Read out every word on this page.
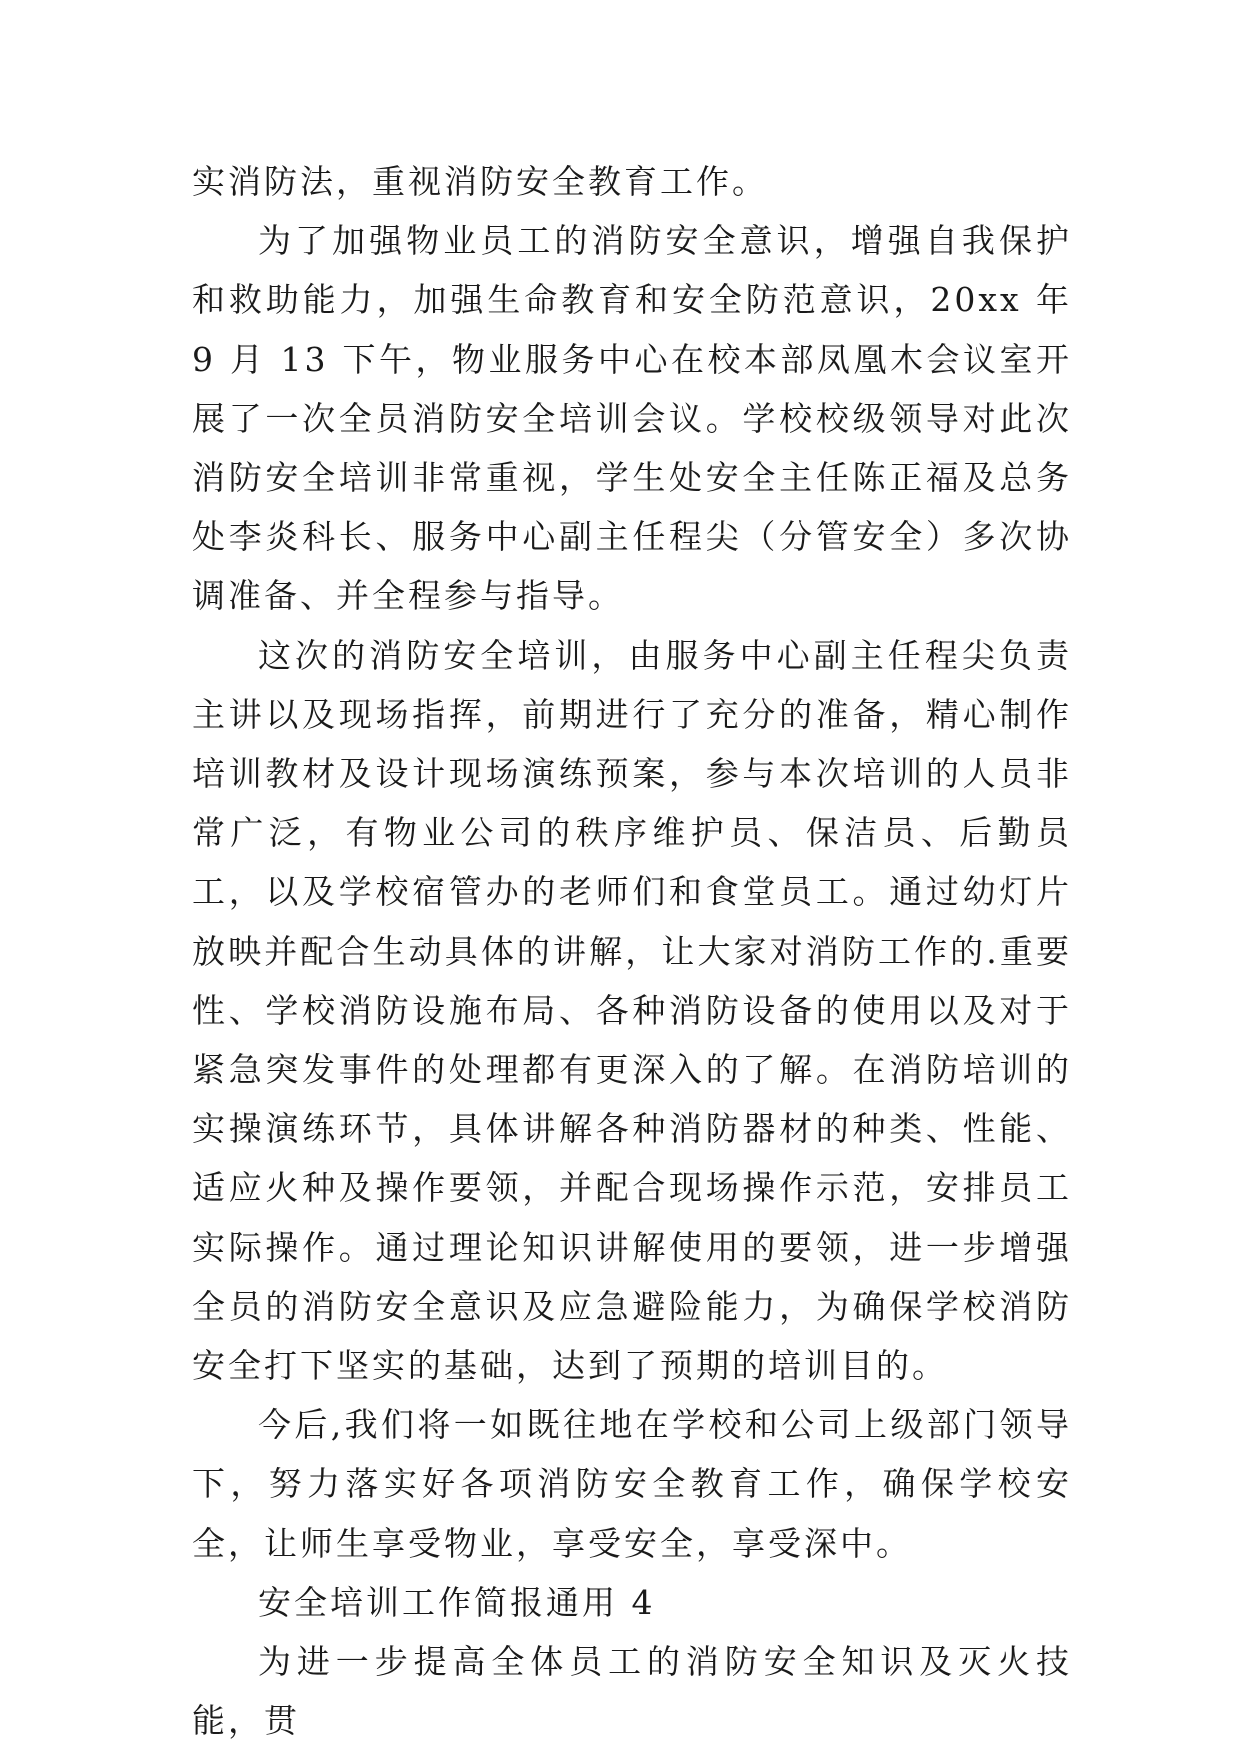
实消防法，重视消防安全教育工作。

为了加强物业员工的消防安全意识，增强自我保护和救助能力，加强生命教育和安全防范意识，20xx 年 9 月 13 下午，物业服务中心在校本部凤凰木会议室开展了一次全员消防安全培训会议。学校校级领导对此次消防安全培训非常重视，学生处安全主任陈正福及总务处李炎科长、服务中心副主任程尖（分管安全）多次协调准备、并全程参与指导。

这次的消防安全培训，由服务中心副主任程尖负责主讲以及现场指挥，前期进行了充分的准备，精心制作培训教材及设计现场演练预案，参与本次培训的人员非常广泛，有物业公司的秩序维护员、保洁员、后勤员工，以及学校宿管办的老师们和食堂员工。通过幼灯片放映并配合生动具体的讲解，让大家对消防工作的.重要性、学校消防设施布局、各种消防设备的使用以及对于紧急突发事件的处理都有更深入的了解。在消防培训的实操演练环节，具体讲解各种消防器材的种类、性能、适应火种及操作要领，并配合现场操作示范，安排员工实际操作。通过理论知识讲解使用的要领，进一步增强全员的消防安全意识及应急避险能力，为确保学校消防安全打下坚实的基础，达到了预期的培训目的。

今后,我们将一如既往地在学校和公司上级部门领导下，努力落实好各项消防安全教育工作，确保学校安全，让师生享受物业，享受安全，享受深中。

安全培训工作简报通用 4

为进一步提高全体员工的消防安全知识及灭火技能，贯
